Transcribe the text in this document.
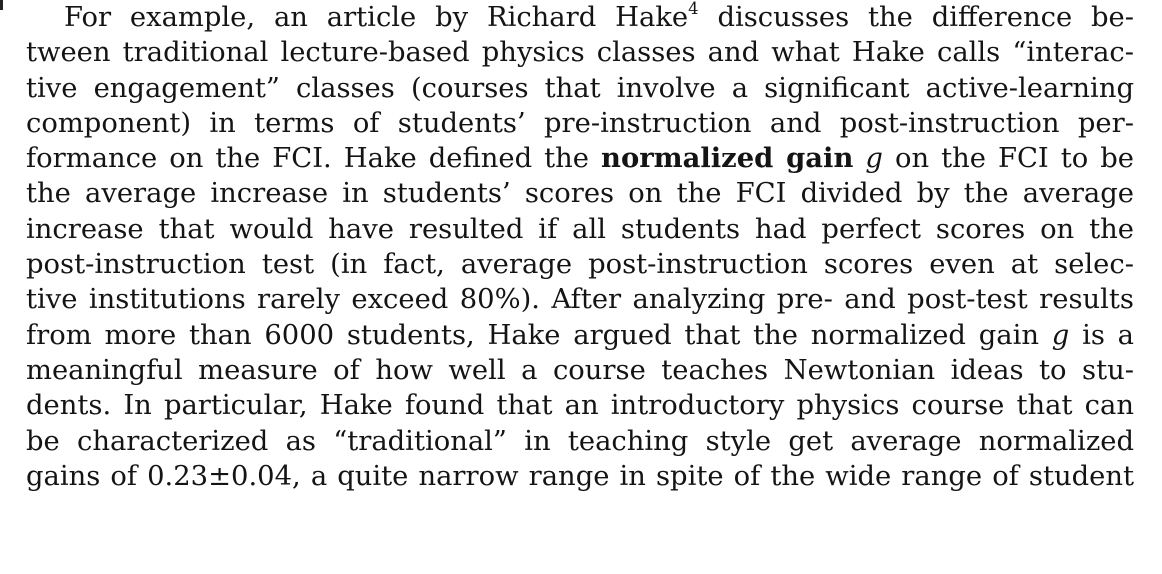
For example, an article by Richard Hake$^4$ discusses the difference be-
tween traditional lecture-based physics classes and what Hake calls “interac-
tive engagement” classes (courses that involve a significant active-learning
component) in terms of students’ pre-instruction and post-instruction per-
formance on the FCI. Hake defined the normalized gain g on the FCI to be
the average increase in students’ scores on the FCI divided by the average
increase that would have resulted if all students had perfect scores on the
post-instruction test (in fact, average post-instruction scores even at selec-
tive institutions rarely exceed 80%). After analyzing pre- and post-test results
from more than 6000 students, Hake argued that the normalized gain g is a
meaningful measure of how well a course teaches Newtonian ideas to stu-
dents. In particular, Hake found that an introductory physics course that can
be characterized as “traditional” in teaching style get average normalized
gains of 0.23±0.04, a quite narrow range in spite of the wide range of student
